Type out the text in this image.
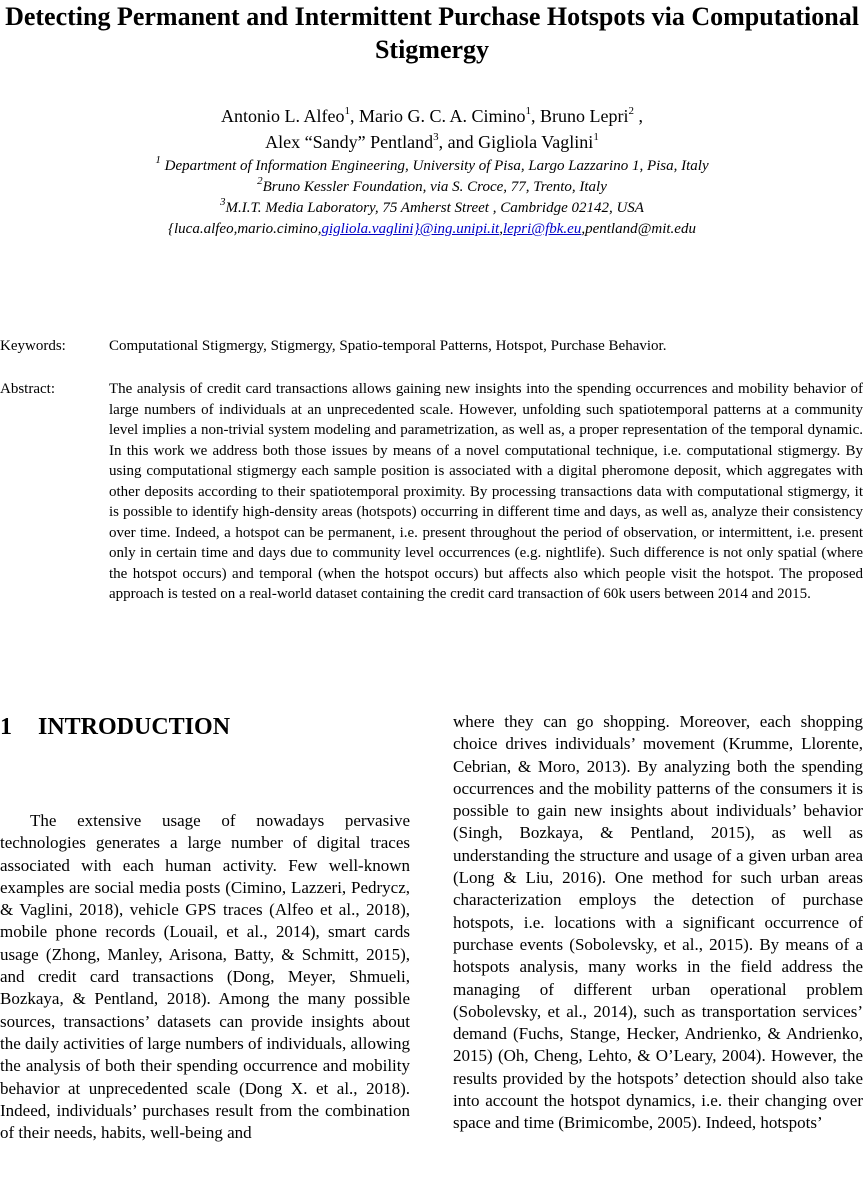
Detecting Permanent and Intermittent Purchase Hotspots via Computational Stigmergy
Antonio L. Alfeo$^1$, Mario G. C. A. Cimino$^1$, Bruno Lepri$^2$ ,
Alex “Sandy” Pentland$^3$, and Gigliola Vaglini$^1$
$^1$ Department of Information Engineering, University of Pisa, Largo Lazzarino 1, Pisa, Italy
$^2$Bruno Kessler Foundation, via S. Croce, 77, Trento, Italy
$^3$M.I.T. Media Laboratory, 75 Amherst Street , Cambridge 02142, USA
{luca.alfeo,mario.cimino,gigliola.vaglini}@ing.unipi.it,lepri@fbk.eu,pentland@mit.edu
Keywords:	Computational Stigmergy, Stigmergy, Spatio-temporal Patterns, Hotspot, Purchase Behavior.
Abstract:	The analysis of credit card transactions allows gaining new insights into the spending occurrences and mobility behavior of large numbers of individuals at an unprecedented scale. However, unfolding such spatiotemporal patterns at a community level implies a non-trivial system modeling and parametrization, as well as, a proper representation of the temporal dynamic. In this work we address both those issues by means of a novel computational technique, i.e. computational stigmergy. By using computational stigmergy each sample position is associated with a digital pheromone deposit, which aggregates with other deposits according to their spatiotemporal proximity. By processing transactions data with computational stigmergy, it is possible to identify high-density areas (hotspots) occurring in different time and days, as well as, analyze their consistency over time. Indeed, a hotspot can be permanent, i.e. present throughout the period of observation, or intermittent, i.e. present only in certain time and days due to community level occurrences (e.g. nightlife). Such difference is not only spatial (where the hotspot occurs) and temporal (when the hotspot occurs) but affects also which people visit the hotspot. The proposed approach is tested on a real-world dataset containing the credit card transaction of 60k users between 2014 and 2015.

1 INTRODUCTION

The extensive usage of nowadays pervasive technologies generates a large number of digital traces associated with each human activity. Few well-known examples are social media posts (Cimino, Lazzeri, Pedrycz, & Vaglini, 2018), vehicle GPS traces (Alfeo et al., 2018), mobile phone records (Louail, et al., 2014), smart cards usage (Zhong, Manley, Arisona, Batty, & Schmitt, 2015), and credit card transactions (Dong, Meyer, Shmueli, Bozkaya, & Pentland, 2018). Among the many possible sources, transactions’ datasets can provide insights about the daily activities of large numbers of individuals, allowing the analysis of both their spending occurrence and mobility behavior at unprecedented scale (Dong X. et al., 2018). Indeed, individuals’ purchases result from the combination of their needs, habits, well-being and

where they can go shopping. Moreover, each shopping choice drives individuals’ movement (Krumme, Llorente, Cebrian, & Moro, 2013). By analyzing both the spending occurrences and the mobility patterns of the consumers it is possible to gain new insights about individuals’ behavior (Singh, Bozkaya, & Pentland, 2015), as well as understanding the structure and usage of a given urban area (Long & Liu, 2016). One method for such urban areas characterization employs the detection of purchase hotspots, i.e. locations with a significant occurrence of purchase events (Sobolevsky, et al., 2015). By means of a hotspots analysis, many works in the field address the managing of different urban operational problem (Sobolevsky, et al., 2014), such as transportation services’ demand (Fuchs, Stange, Hecker, Andrienko, & Andrienko, 2015) (Oh, Cheng, Lehto, & O’Leary, 2004). However, the results provided by the hotspots’ detection should also take into account the hotspot dynamics, i.e. their changing over space and time (Brimicombe, 2005). Indeed, hotspots’
